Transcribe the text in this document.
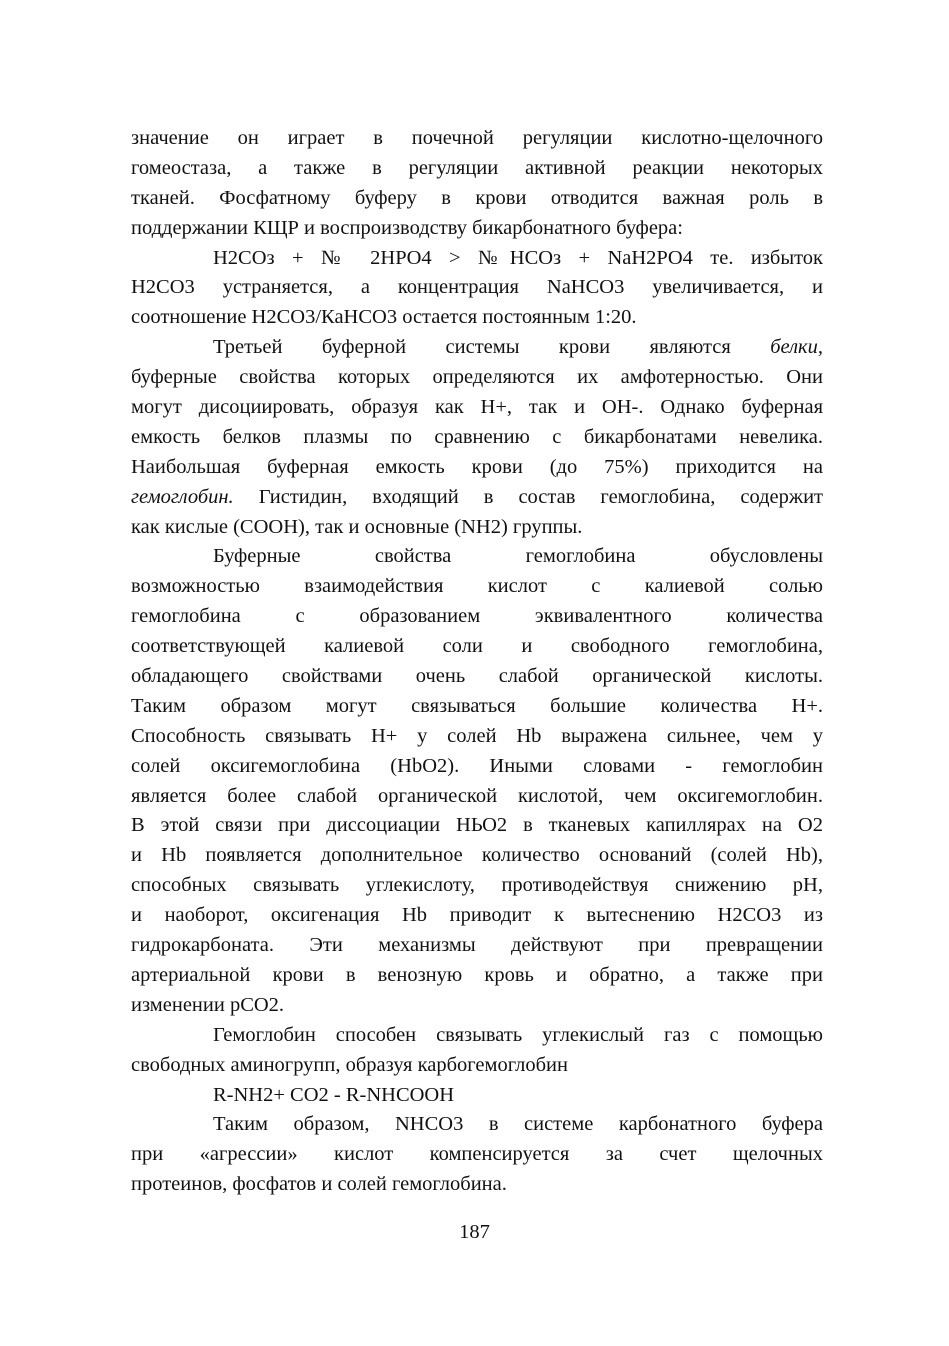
значение он играет в почечной регуляции кислотно-щелочного
гомеостаза, а также в регуляции активной реакции некоторых
тканей. Фосфатному буферу в крови отводится важная роль в
поддержании КЩР и воспроизводству бикарбонатного буфера:
H2COз + № 2HPO4 > №HCOз + NaH2PO4 те. избыток
H2CO3 устраняется, а концентрация NaHCO3 увеличивается, и
соотношение H2CO3/КаHCO3 остается постоянным 1:20.
Третьей буферной системы крови являются белки,
буферные свойства которых определяются их амфотерностью. Они
могут дисоциировать, образуя как H+, так и OH-. Однако буферная
емкость белков плазмы по сравнению с бикарбонатами невелика.
Наибольшая буферная емкость крови (до 75%) приходится на
гемоглобин. Гистидин, входящий в состав гемоглобина, содержит
как кислые (COOH), так и основные (NH2) группы.
Буферные свойства гемоглобина обусловлены
возможностью взаимодействия кислот с калиевой солью
гемоглобина с образованием эквивалентного количества
соответствующей калиевой соли и свободного гемоглобина,
обладающего свойствами очень слабой органической кислоты.
Таким образом могут связываться большие количества H+.
Способность связывать H+ у солей Hb выражена сильнее, чем у
солей оксигемоглобина (HbO2). Иными словами - гемоглобин
является более слабой органической кислотой, чем оксигемоглобин.
В этой связи при диссоциации НЬО2 в тканевых капиллярах на O2
и Hb появляется дополнительное количество оснований (солей Hb),
способных связывать углекислоту, противодействуя снижению pH,
и наоборот, оксигенация Hb приводит к вытеснению H2CO3 из
гидрокарбоната. Эти механизмы действуют при превращении
артериальной крови в венозную кровь и обратно, а также при
изменении pCO2.
Гемоглобин способен связывать углекислый газ с помощью
свободных аминогрупп, образуя карбогемоглобин
R-NH2+ CO2 - R-NHCOOH
Таким образом, NHCO3 в системе карбонатного буфера
при «агрессии» кислот компенсируется за счет щелочных
протеинов, фосфатов и солей гемоглобина.
187
